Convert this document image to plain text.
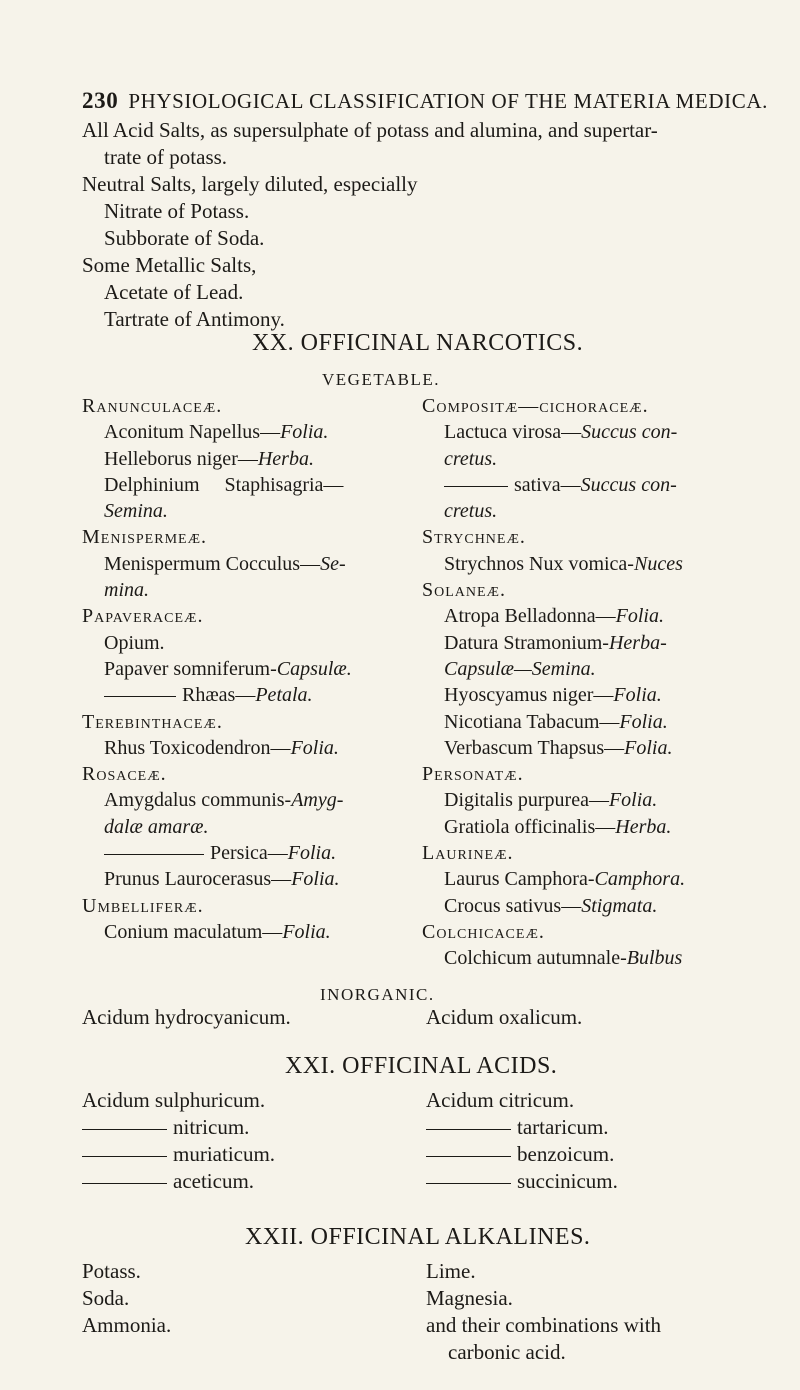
230 PHYSIOLOGICAL CLASSIFICATION OF THE MATERIA MEDICA.
All Acid Salts, as supersulphate of potass and alumina, and supertar-
trate of potass.
Neutral Salts, largely diluted, especially
Nitrate of Potass.
Subborate of Soda.
Some Metallic Salts,
Acetate of Lead.
Tartrate of Antimony.
XX. OFFICINAL NARCOTICS.
VEGETABLE.
Ranunculaceæ.
Aconitum Napellus—Folia.
Helleborus niger—Herba.
Delphinium     Staphisagria—
Semina.
Menispermeæ.
Menispermum Cocculus—Se-
mina.
Papaveraceæ.
Opium.
Papaver somniferum-Capsulæ.
Rhæas—Petala.
Terebinthaceæ.
Rhus Toxicodendron—Folia.
Rosaceæ.
Amygdalus communis-Amyg-
dalæ amaræ.
Persica—Folia.
Prunus Laurocerasus—Folia.
Umbelliferæ.
Conium maculatum—Folia.
Compositæ—cichoraceæ.
Lactuca virosa—Succus con-
cretus.
sativa—Succus con-
cretus.
Strychneæ.
Strychnos Nux vomica-Nuces
Solaneæ.
Atropa Belladonna—Folia.
Datura Stramonium-Herba-
Capsulæ—Semina.
Hyoscyamus niger—Folia.
Nicotiana Tabacum—Folia.
Verbascum Thapsus—Folia.
Personatæ.
Digitalis purpurea—Folia.
Gratiola officinalis—Herba.
Laurineæ.
Laurus Camphora-Camphora.
Crocus sativus—Stigmata.
Colchicaceæ.
Colchicum autumnale-Bulbus
INORGANIC.
Acidum hydrocyanicum.	Acidum oxalicum.
XXI. OFFICINAL ACIDS.
Acidum sulphuricum.
nitricum.
muriaticum.
aceticum.
Acidum citricum.
tartaricum.
benzoicum.
succinicum.
XXII. OFFICINAL ALKALINES.
Potass.
Soda.
Ammonia.
Lime.
Magnesia.
and their combinations with
carbonic acid.
